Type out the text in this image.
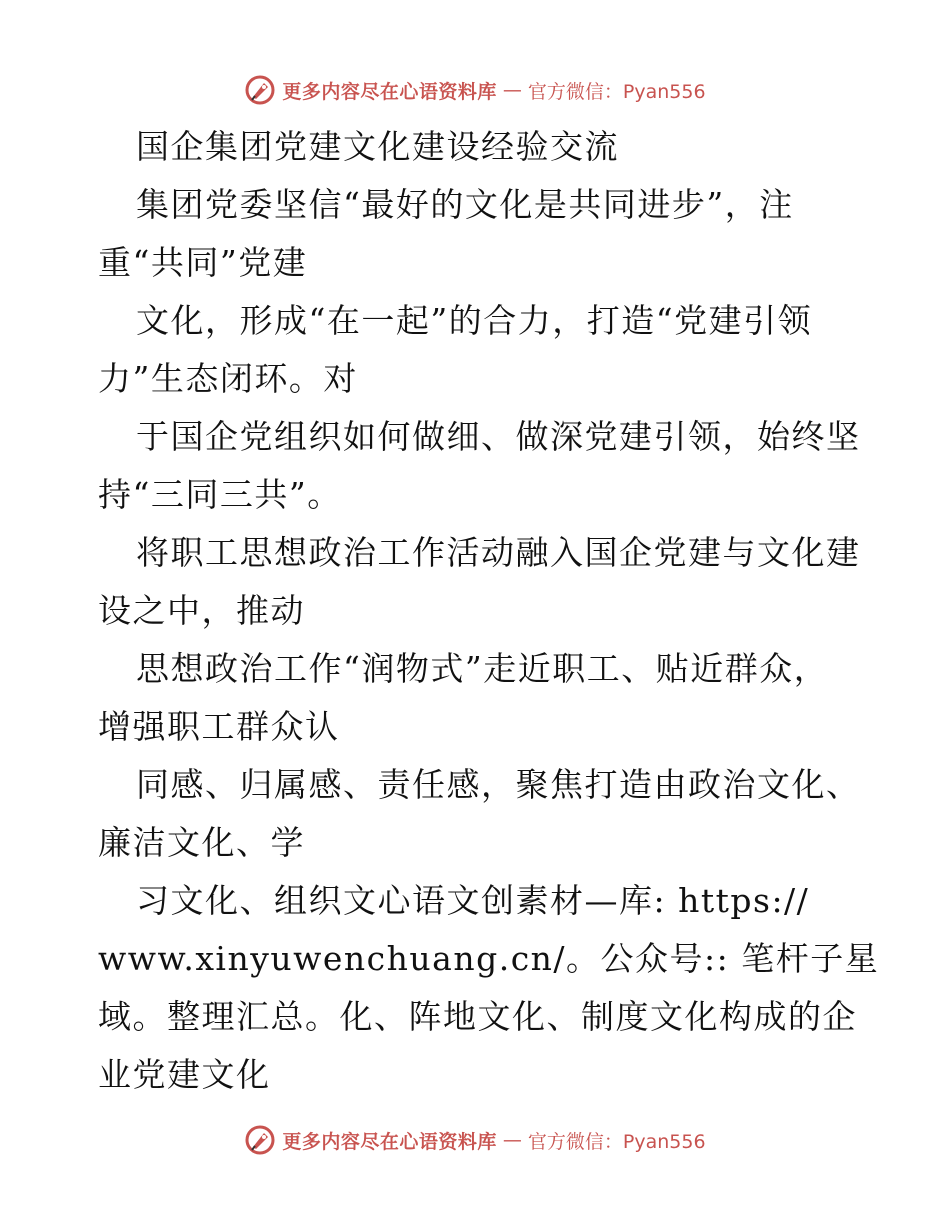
更多内容尽在心语资料库 — 官方微信：Pyan556
国企集团党建文化建设经验交流
集团党委坚信“最好的文化是共同进步”，注
重“共同”党建
文化，形成“在一起”的合力，打造“党建引领
力”生态闭环。对
于国企党组织如何做细、做深党建引领，始终坚
持“三同三共”。
将职工思想政治工作活动融入国企党建与文化建
设之中，推动
思想政治工作“润物式”走近职工、贴近群众，
增强职工群众认
同感、归属感、责任感，聚焦打造由政治文化、
廉洁文化、学
习文化、组织文心语文创素材—库: https://
www.xinyuwenchuang.cn/。公众号:: 笔杆子星
域。整理汇总。化、阵地文化、制度文化构成的企
业党建文化
更多内容尽在心语资料库 — 官方微信：Pyan556
